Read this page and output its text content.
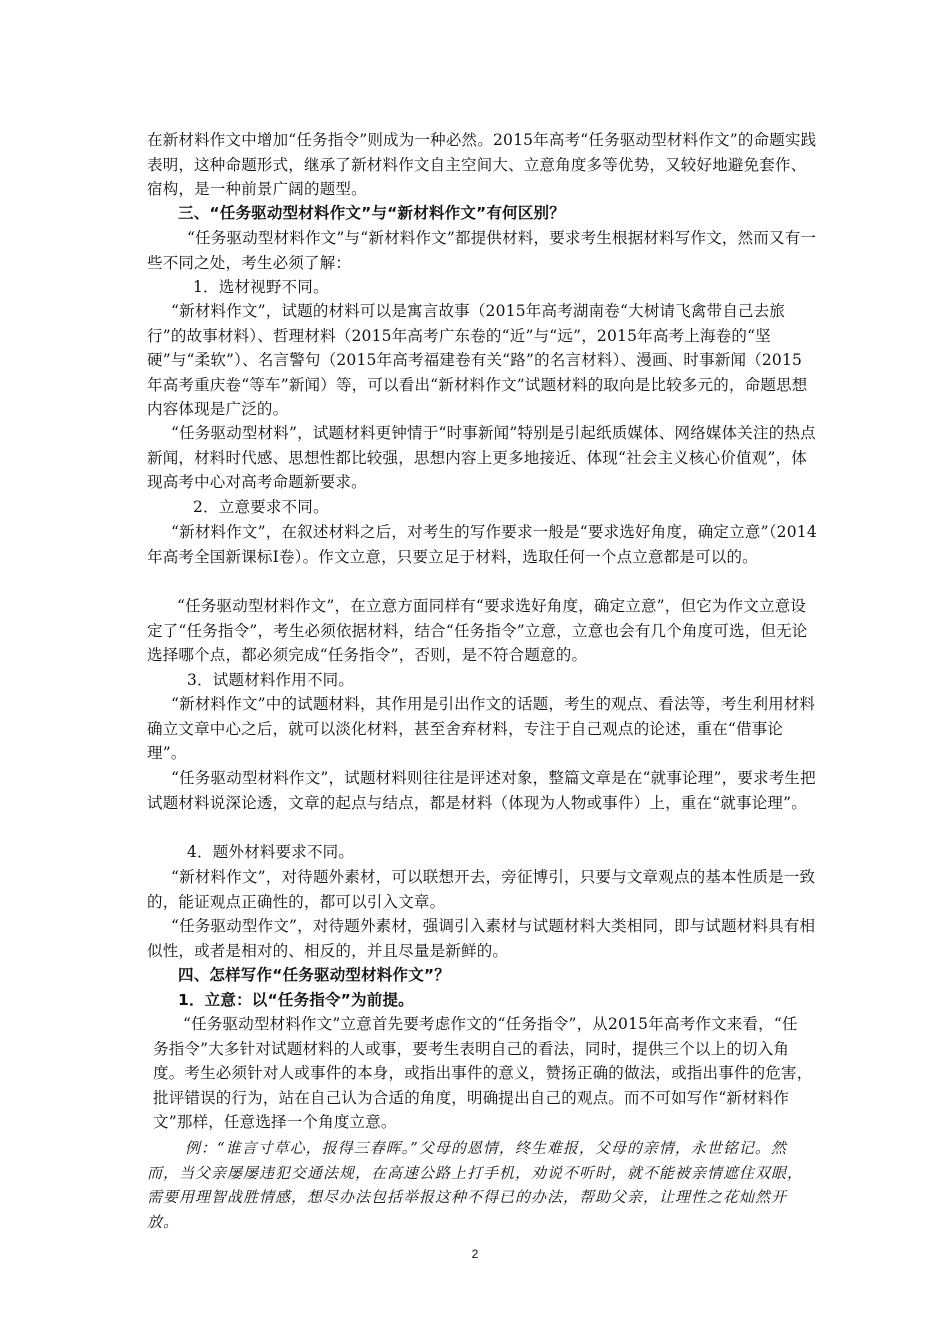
在新材料作文中增加“任务指令”则成为一种必然。2015年高考“任务驱动型材料作文”的命题实践表明，这种命题形式，继承了新材料作文自主空间大、立意角度多等优势，又较好地避免套作、宿构，是一种前景广阔的题型。

三、“任务驱动型材料作文”与“新材料作文”有何区别？

“任务驱动型材料作文”与“新材料作文”都提供材料，要求考生根据材料写作文，然而又有一些不同之处，考生必须了解：

1．选材视野不同。

“新材料作文”，试题的材料可以是寓言故事（2015年高考湖南卷“大树请飞禽带自己去旅行”的故事材料）、哲理材料（2015年高考广东卷的“近”与“远”，2015年高考上海卷的“坚硬”与“柔软”）、名言警句（2015年高考福建卷有关“路”的名言材料）、漫画、时事新闻（2015年高考重庆卷“等车”新闻）等，可以看出“新材料作文”试题材料的取向是比较多元的，命题思想内容体现是广泛的。

“任务驱动型材料”，试题材料更钟情于“时事新闻”特别是引起纸质媒体、网络媒体关注的热点新闻，材料时代感、思想性都比较强，思想内容上更多地接近、体现“社会主义核心价值观”，体现高考中心对高考命题新要求。

2．立意要求不同。

“新材料作文”，在叙述材料之后，对考生的写作要求一般是“要求选好角度，确定立意”（2014年高考全国新课标Ⅰ卷）。作文立意，只要立足于材料，选取任何一个点立意都是可以的。

“任务驱动型材料作文”，在立意方面同样有“要求选好角度，确定立意”，但它为作文立意设定了“任务指令”，考生必须依据材料，结合“任务指令”立意，立意也会有几个角度可选，但无论选择哪个点，都必须完成“任务指令”，否则，是不符合题意的。

3．试题材料作用不同。

“新材料作文”中的试题材料，其作用是引出作文的话题，考生的观点、看法等，考生利用材料确立文章中心之后，就可以淡化材料，甚至舍弃材料，专注于自己观点的论述，重在“借事论理”。

“任务驱动型材料作文”，试题材料则往往是评述对象，整篇文章是在“就事论理”，要求考生把试题材料说深论透，文章的起点与结点，都是材料（体现为人物或事件）上，重在“就事论理”。

4．题外材料要求不同。

“新材料作文”，对待题外素材，可以联想开去，旁征博引，只要与文章观点的基本性质是一致的，能证观点正确性的，都可以引入文章。

“任务驱动型作文”，对待题外素材，强调引入素材与试题材料大类相同，即与试题材料具有相似性，或者是相对的、相反的，并且尽量是新鲜的。

四、怎样写作“任务驱动型材料作文”？

1．立意：以“任务指令”为前提。

“任务驱动型材料作文”立意首先要考虑作文的“任务指令”，从2015年高考作文来看，“任务指令”大多针对试题材料的人或事，要考生表明自己的看法，同时，提供三个以上的切入角度。考生必须针对人或事件的本身，或指出事件的意义，赞扬正确的做法，或指出事件的危害，批评错误的行为，站在自己认为合适的角度，明确提出自己的观点。而不可如写作“新材料作文”那样，任意选择一个角度立意。

例：“谁言寸草心，报得三春晖。”父母的恩情，终生难报，父母的亲情，永世铭记。然而，当父亲屡屡违犯交通法规，在高速公路上打手机，劝说不听时，就不能被亲情遮住双眼，需要用理智战胜情感，想尽办法包括举报这种不得已的办法，帮助父亲，让理性之花灿然开放。

2
